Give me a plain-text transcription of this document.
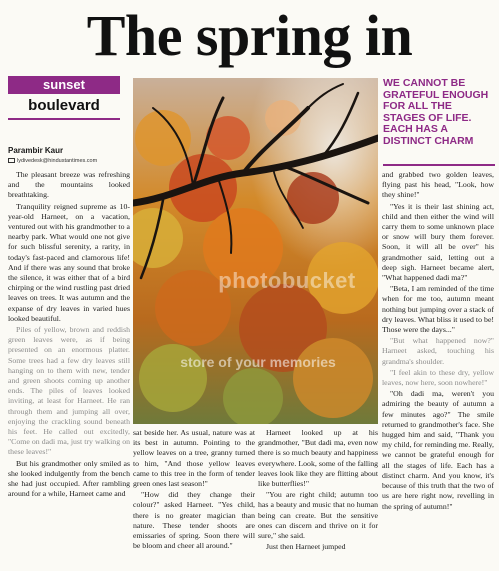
The spring in
sunset
boulevard
Parambir Kaur
lydivedesk@hindustantimes.com

The pleasant breeze was refreshing and the mountains looked breathtaking.

Tranquility reigned supreme as 10-year-old Harneet, on a vacation, ventured out with his grandmother to a nearby park. What would one not give for such blissful serenity, a rarity, in today's fast-paced and clamorous life! And if there was any sound that broke the silence, it was either that of a bird chirping or the wind rustling past dried leaves on trees. It was autumn and the expanse of dry leaves in varied hues looked beautiful.

Piles of yellow, brown and reddish green leaves were, as if being presented on an enormous platter. Some trees had a few dry leaves still hanging on to them with new, tender and green shoots coming up another ends. The piles of leaves looked inviting, at least for Harneet. He ran through them and jumping all over, enjoying the crackling sound beneath his feet. He called out excitedly, "Come on dadi ma, just try walking on these leaves!"

But his grandmother only smiled as she looked indulgently from the bench she had just occupied. After rambling around for a while, Harneet came and

photobucket
store of your memories

sat beside her. As usual, nature was at its best in autumn. Pointing to the yellow leaves on a tree, granny turned to him, "And those yellow leaves came to this tree in the form of tender green ones last season!"

"How did they change their colour?" asked Harneet. "Yes child, there is no greater magician than nature. These tender shoots are emissaries of spring. Soon there will be bloom and cheer all around."

Harneet looked up at his grandmother, "But dadi ma, even now there is so much beauty and happiness everywhere. Look, some of the falling leaves look like they are flitting about like butterflies!"

"You are right child; autumn too has a beauty and music that no human being can create. But the sensitive ones can discern and thrive on it for sure," she said.

Just then Harneet jumped

WE CANNOT BE GRATEFUL ENOUGH FOR ALL THE STAGES OF LIFE. EACH HAS A DISTINCT CHARM

and grabbed two golden leaves, flying past his head, "Look, how they shine!"

"Yes it is their last shining act, child and then either the wind will carry them to some unknown place or snow will bury them forever. Soon, it will all be over" his grandmother said, letting out a deep sigh. Harneet became alert, "What happened dadi ma?"

"Beta, I am reminded of the time when for me too, autumn meant nothing but jumping over a stack of dry leaves. What bliss it used to be! Those were the days..."

"But what happened now?" Harneet asked, touching his grandma's shoulder.

"I feel akin to these dry, yellow leaves, now here, soon nowhere!"

"Oh dadi ma, weren't you admiring the beauty of autumn a few minutes ago?" The smile returned to grandmother's face. She hugged him and said, "Thank you my child, for reminding me. Really, we cannot be grateful enough for all the stages of life. Each has a distinct charm. And you know, it's because of this truth that the two of us are here right now, revelling in the spring of autumn!"
